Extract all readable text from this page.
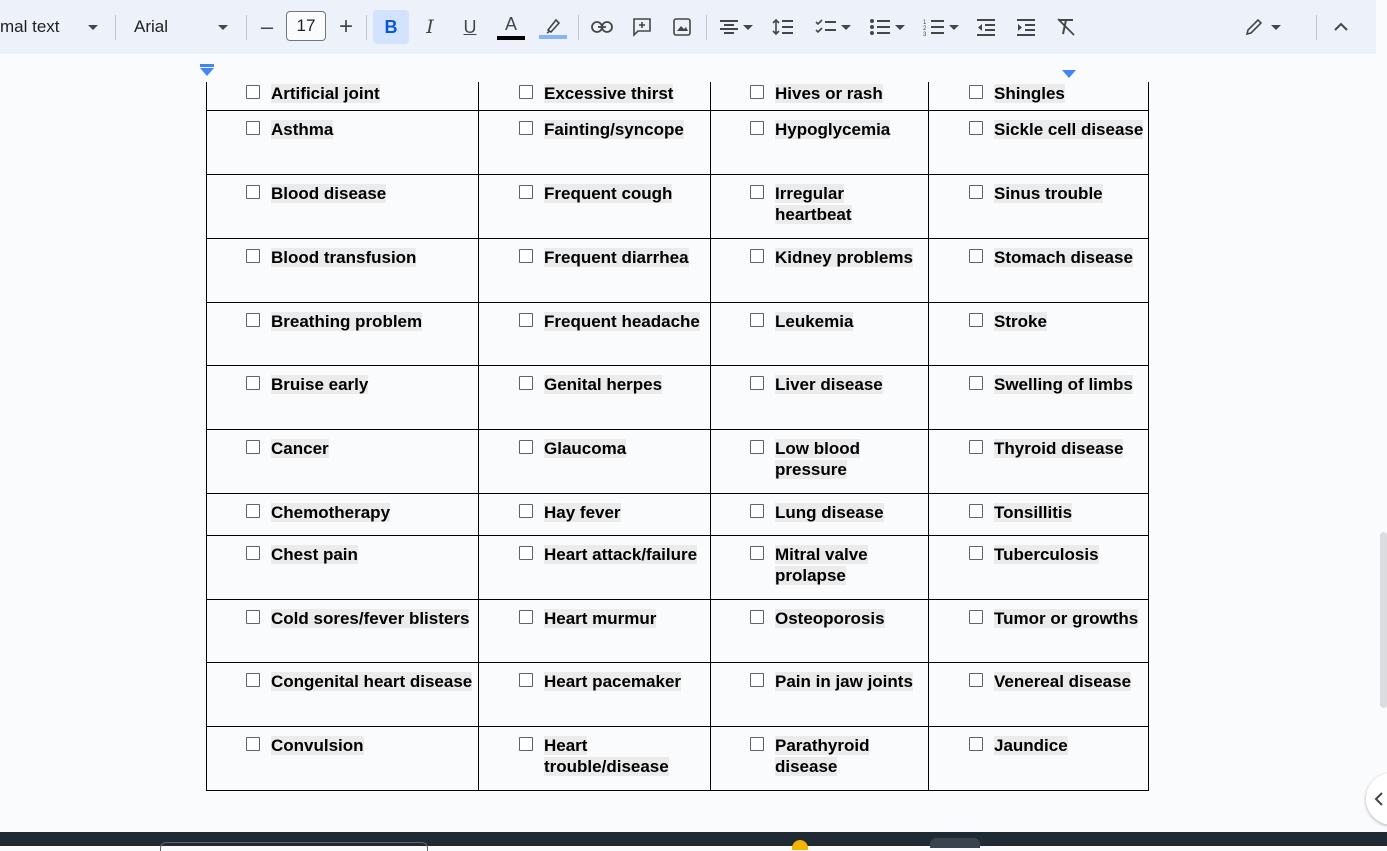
mal text	Arial	–	17 +	B I U A	1
2
3
Artificial joint	Excessive thirst	Hives or rash	Shingles

Asthma	Fainting/syncope	Hypoglycemia	Sickle cell disease

Blood disease	Frequent cough	Irregular heartbeat	Sinus trouble

Blood transfusion	Frequent diarrhea	Kidney problems	Stomach disease

Breathing problem	Frequent headache	Leukemia	Stroke

Bruise early	Genital herpes	Liver disease	Swelling of limbs

Cancer	Glaucoma	Low blood pressure	Thyroid disease

Chemotherapy	Hay fever	Lung disease	Tonsillitis

Chest pain	Heart attack/failure	Mitral valve prolapse	Tuberculosis

Cold sores/fever blisters	Heart murmur	Osteoporosis	Tumor or growths

Congenital heart disease	Heart pacemaker	Pain in jaw joints	Venereal disease

Convulsion	Heart trouble/disease	Parathyroid disease	Jaundice
